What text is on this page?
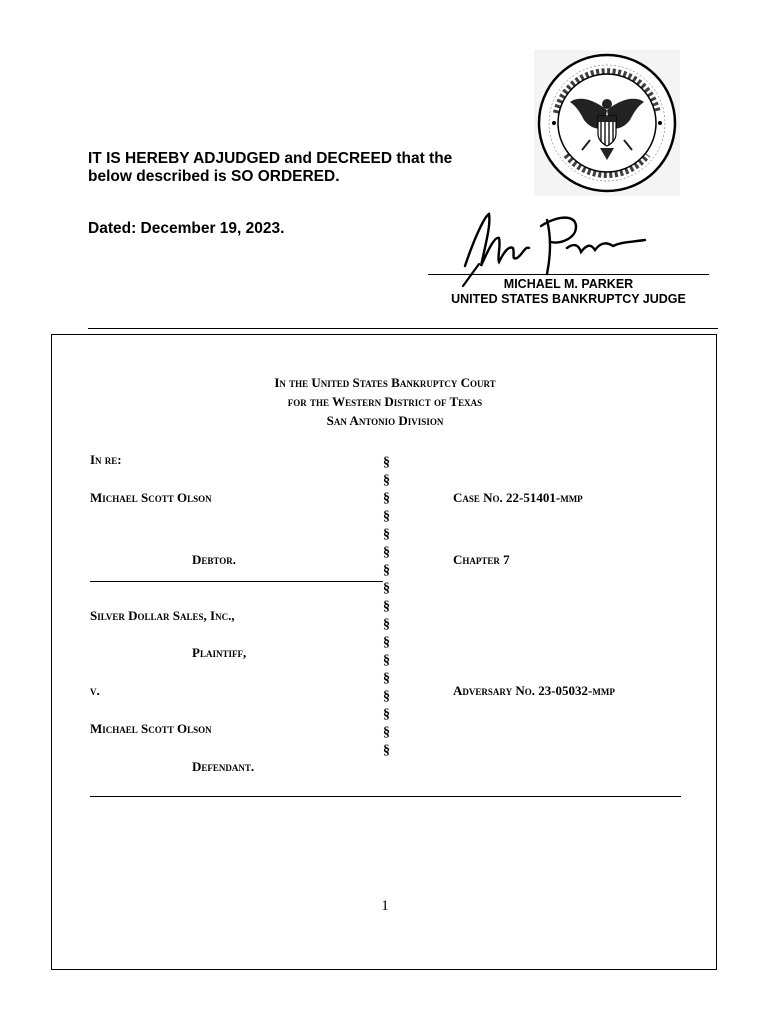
IT IS HEREBY ADJUDGED and DECREED that the
below described is SO ORDERED.
Dated: December 19, 2023.
MICHAEL M. PARKER
UNITED STATES BANKRUPTCY JUDGE
In the United States Bankruptcy Court
for the Western District of Texas
San Antonio Division
In re:
Michael Scott Olson
Debtor.
Silver Dollar Sales, Inc.,
Plaintiff,
v.
Michael Scott Olson
Defendant.
§
§
§
§
§
§
§
§
§
§
§
§
§
§
§
§
§
Case No. 22-51401-mmp
Chapter 7
Adversary No. 23-05032-mmp
1
